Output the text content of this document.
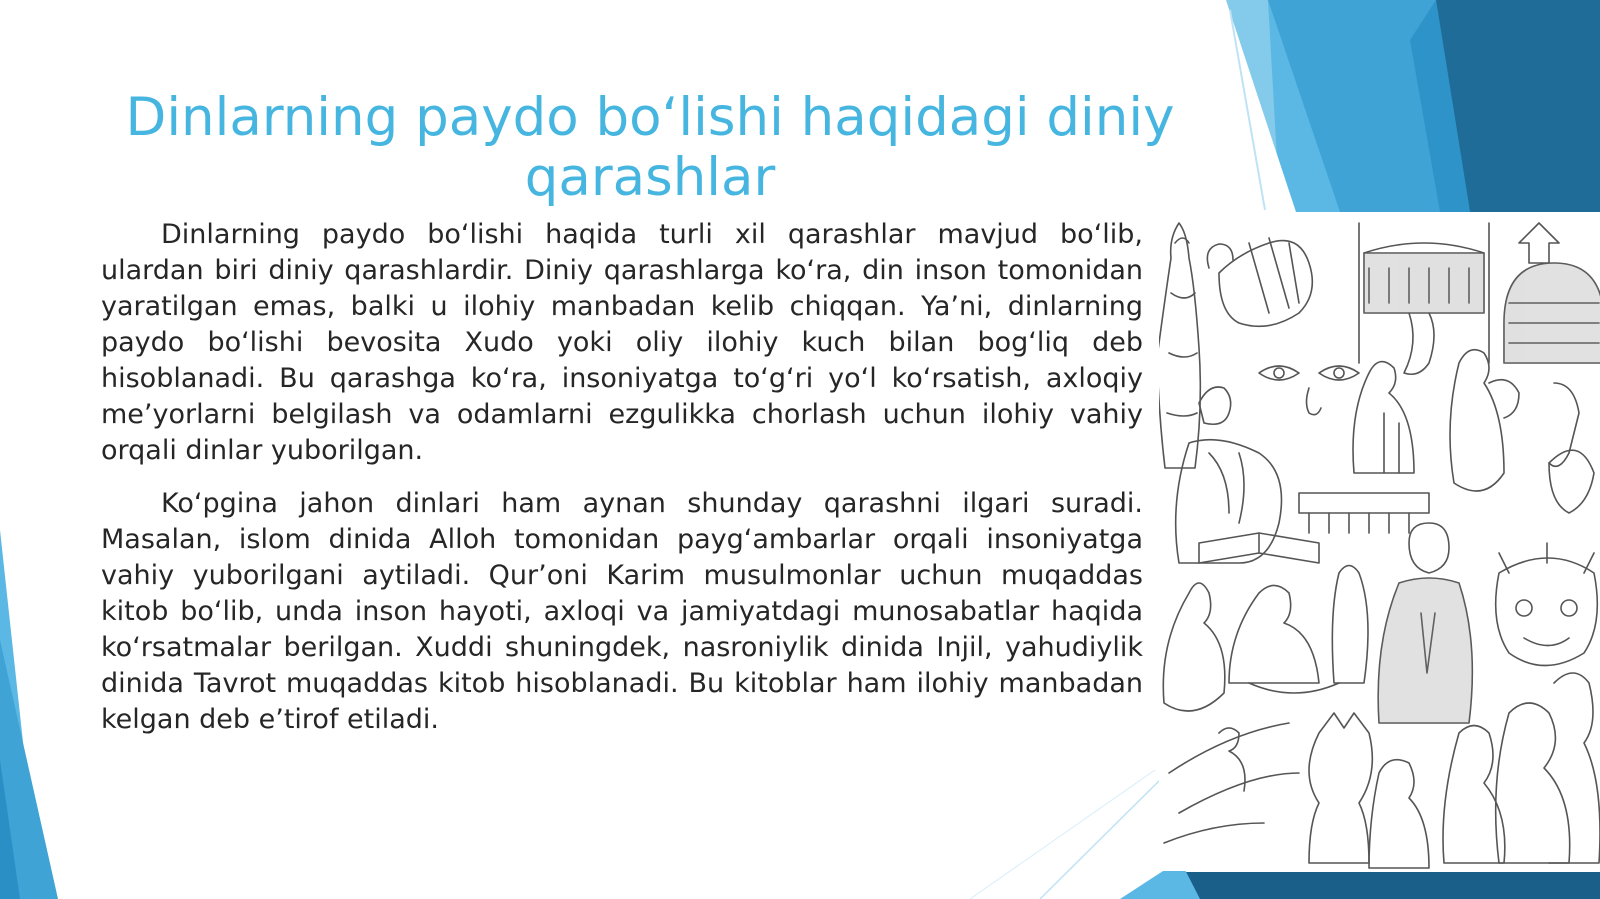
Dinlarning paydo bo‘lishi haqidagi diniy qarashlar

Dinlarning paydo bo‘lishi haqida turli xil qarashlar mavjud bo‘lib, ulardan biri diniy qarashlardir. Diniy qarashlarga ko‘ra, din inson tomonidan yaratilgan emas, balki u ilohiy manbadan kelib chiqqan. Ya’ni, dinlarning paydo bo‘lishi bevosita Xudo yoki oliy ilohiy kuch bilan bog‘liq deb hisoblanadi. Bu qarashga ko‘ra, insoniyatga to‘g‘ri yo‘l ko‘rsatish, axloqiy me’yorlarni belgilash va odamlarni ezgulikka chorlash uchun ilohiy vahiy orqali dinlar yuborilgan.

Ko‘pgina jahon dinlari ham aynan shunday qarashni ilgari suradi. Masalan, islom dinida Alloh tomonidan payg‘ambarlar orqali insoniyatga vahiy yuborilgani aytiladi. Qur’oni Karim musulmonlar uchun muqaddas kitob bo‘lib, unda inson hayoti, axloqi va jamiyatdagi munosabatlar haqida ko‘rsatmalar berilgan. Xuddi shuningdek, nasroniylik dinida Injil, yahudiylik dinida Tavrot muqaddas kitob hisoblanadi. Bu kitoblar ham ilohiy manbadan kelgan deb e’tirof etiladi.
